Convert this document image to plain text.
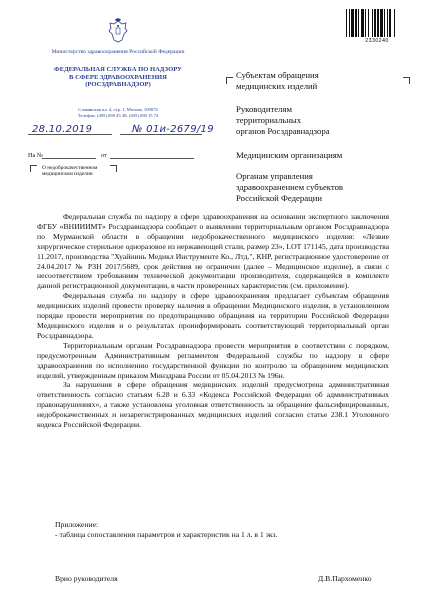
Министерство здравоохранения Российской Федерации
ФЕДЕРАЛЬНАЯ СЛУЖБА ПО НАДЗОРУ
В СФЕРЕ ЗДРАВООХРАНЕНИЯ
(РОСЗДРАВНАДЗОР)
Славянская пл. 4, стр. 1, Москва, 109074
Телефон: (495) 698 45 38; (495) 698 15 74
28.10.2019	№ 01и-2679/19
На №	от
О недоброкачественном
медицинском изделии
2330240
Субъектам обращения
медицинских изделий
Руководителям
территориальных
органов Росздравнадзора
Медицинским организациям
Органам управления
здравоохранением субъектов
Российской Федерации

Федеральная служба по надзору в сфере здравоохранения на основании экспертного заключения ФГБУ «ВНИИИМТ» Росздравнадзора сообщает о выявлении территориальным органом Росздравнадзора по Мурманской области в обращении недоброкачественного медицинского изделия: «Лезвие хирургическое стерильное одноразовое из нержавеющей стали, размер 23», LOT 171145, дата производства 11.2017, производства "Хуайнинь Медикл Инструменте Ко., Лтд.", КНР, регистрационное удостоверение от 24.04.2017 № РЗН 2017/5689, срок действия не ограничен (далее – Медицинское изделие), в связи с несоответствием требованиям технической документации производителя, содержащейся в комплекте данной регистрационной документации, в части проверенных характеристик (см. приложение).

Федеральная служба по надзору в сфере здравоохранения предлагает субъектам обращения медицинских изделий провести проверку наличия в обращении Медицинского изделия, в установленном порядке провести мероприятия по предотвращению обращения на территории Российской Федерации Медицинского изделия и о результатах проинформировать соответствующий территориальный орган Росздравнадзора.

Территориальным органам Росздравнадзора провести мероприятия в соответствии с порядком, предусмотренным Административным регламентом Федеральной службы по надзору в сфере здравоохранения по исполнению государственной функции по контролю за обращением медицинских изделий, утвержденным приказом Минздрава России от 05.04.2013 № 196н.

За нарушения в сфере обращения медицинских изделий предусмотрена административная ответственность согласно статьям 6.28 и 6.33 «Кодекса Российской Федерации об административных правонарушениях», а также установлена уголовная ответственность за обращение фальсифицированных, недоброкачественных и незарегистрированных медицинских изделий согласно статье 238.1 Уголовного кодекса Российской Федерации.

Приложение:
- таблица сопоставления параметров и характеристик на 1 л. в 1 экз.
Врио руководителя	Д.В.Пархоменко
